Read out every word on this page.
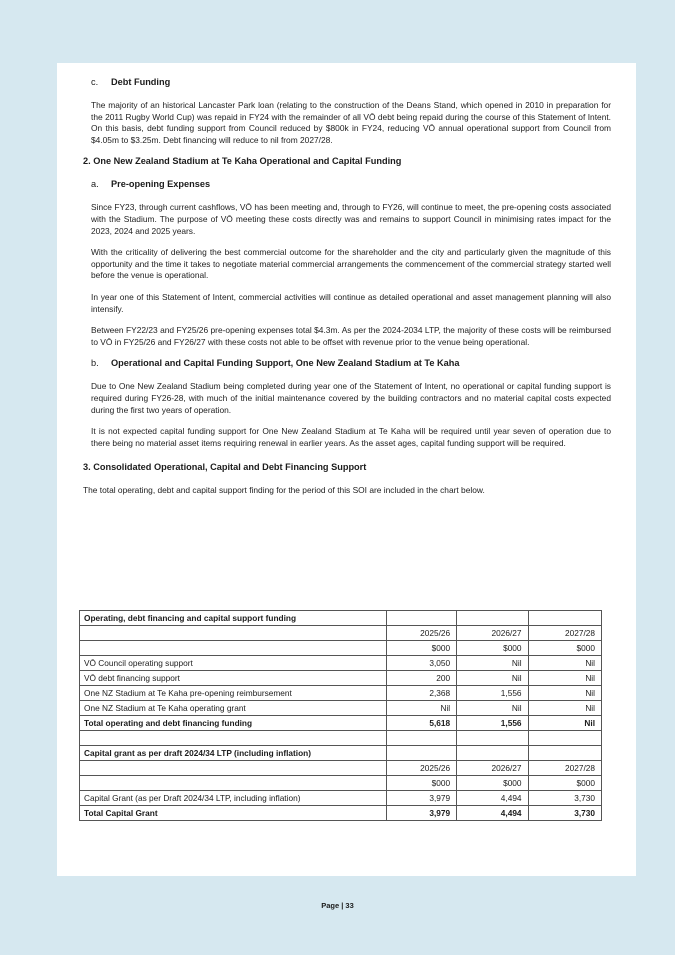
c. Debt Funding

The majority of an historical Lancaster Park loan (relating to the construction of the Deans Stand, which opened in 2010 in preparation for the 2011 Rugby World Cup) was repaid in FY24 with the remainder of all VŌ debt being repaid during the course of this Statement of Intent. On this basis, debt funding support from Council reduced by $800k in FY24, reducing VŌ annual operational support from Council from $4.05m to $3.25m. Debt financing will reduce to nil from 2027/28.

2. One New Zealand Stadium at Te Kaha Operational and Capital Funding

a. Pre-opening Expenses

Since FY23, through current cashflows, VŌ has been meeting and, through to FY26, will continue to meet, the pre-opening costs associated with the Stadium. The purpose of VŌ meeting these costs directly was and remains to support Council in minimising rates impact for the 2023, 2024 and 2025 years.

With the criticality of delivering the best commercial outcome for the shareholder and the city and particularly given the magnitude of this opportunity and the time it takes to negotiate material commercial arrangements the commencement of the commercial strategy started well before the venue is operational.

In year one of this Statement of Intent, commercial activities will continue as detailed operational and asset management planning will also intensify.

Between FY22/23 and FY25/26 pre-opening expenses total $4.3m. As per the 2024-2034 LTP, the majority of these costs will be reimbursed to VŌ in FY25/26 and FY26/27 with these costs not able to be offset with revenue prior to the venue being operational.

b. Operational and Capital Funding Support, One New Zealand Stadium at Te Kaha

Due to One New Zealand Stadium being completed during year one of the Statement of Intent, no operational or capital funding support is required during FY26-28, with much of the initial maintenance covered by the building contractors and no material capital costs expected during the first two years of operation.

It is not expected capital funding support for One New Zealand Stadium at Te Kaha will be required until year seven of operation due to there being no material asset items requiring renewal in earlier years. As the asset ages, capital funding support will be required.

3. Consolidated Operational, Capital and Debt Financing Support

The total operating, debt and capital support finding for the period of this SOI are included in the chart below.

Operating, debt financing and capital support funding			
	2025/26	2026/27	2027/28
	$000	$000	$000
VŌ Council operating support	3,050	Nil	Nil
VŌ debt financing support	200	Nil	Nil
One NZ Stadium at Te Kaha pre-opening reimbursement	2,368	1,556	Nil
One NZ Stadium at Te Kaha operating grant	Nil	Nil	Nil
Total operating and debt financing funding	5,618	1,556	Nil

Capital grant as per draft 2024/34 LTP (including inflation)			
	2025/26	2026/27	2027/28
	$000	$000	$000
Capital Grant (as per Draft 2024/34 LTP, including inflation)	3,979	4,494	3,730
Total Capital Grant	3,979	4,494	3,730
Page | 33
